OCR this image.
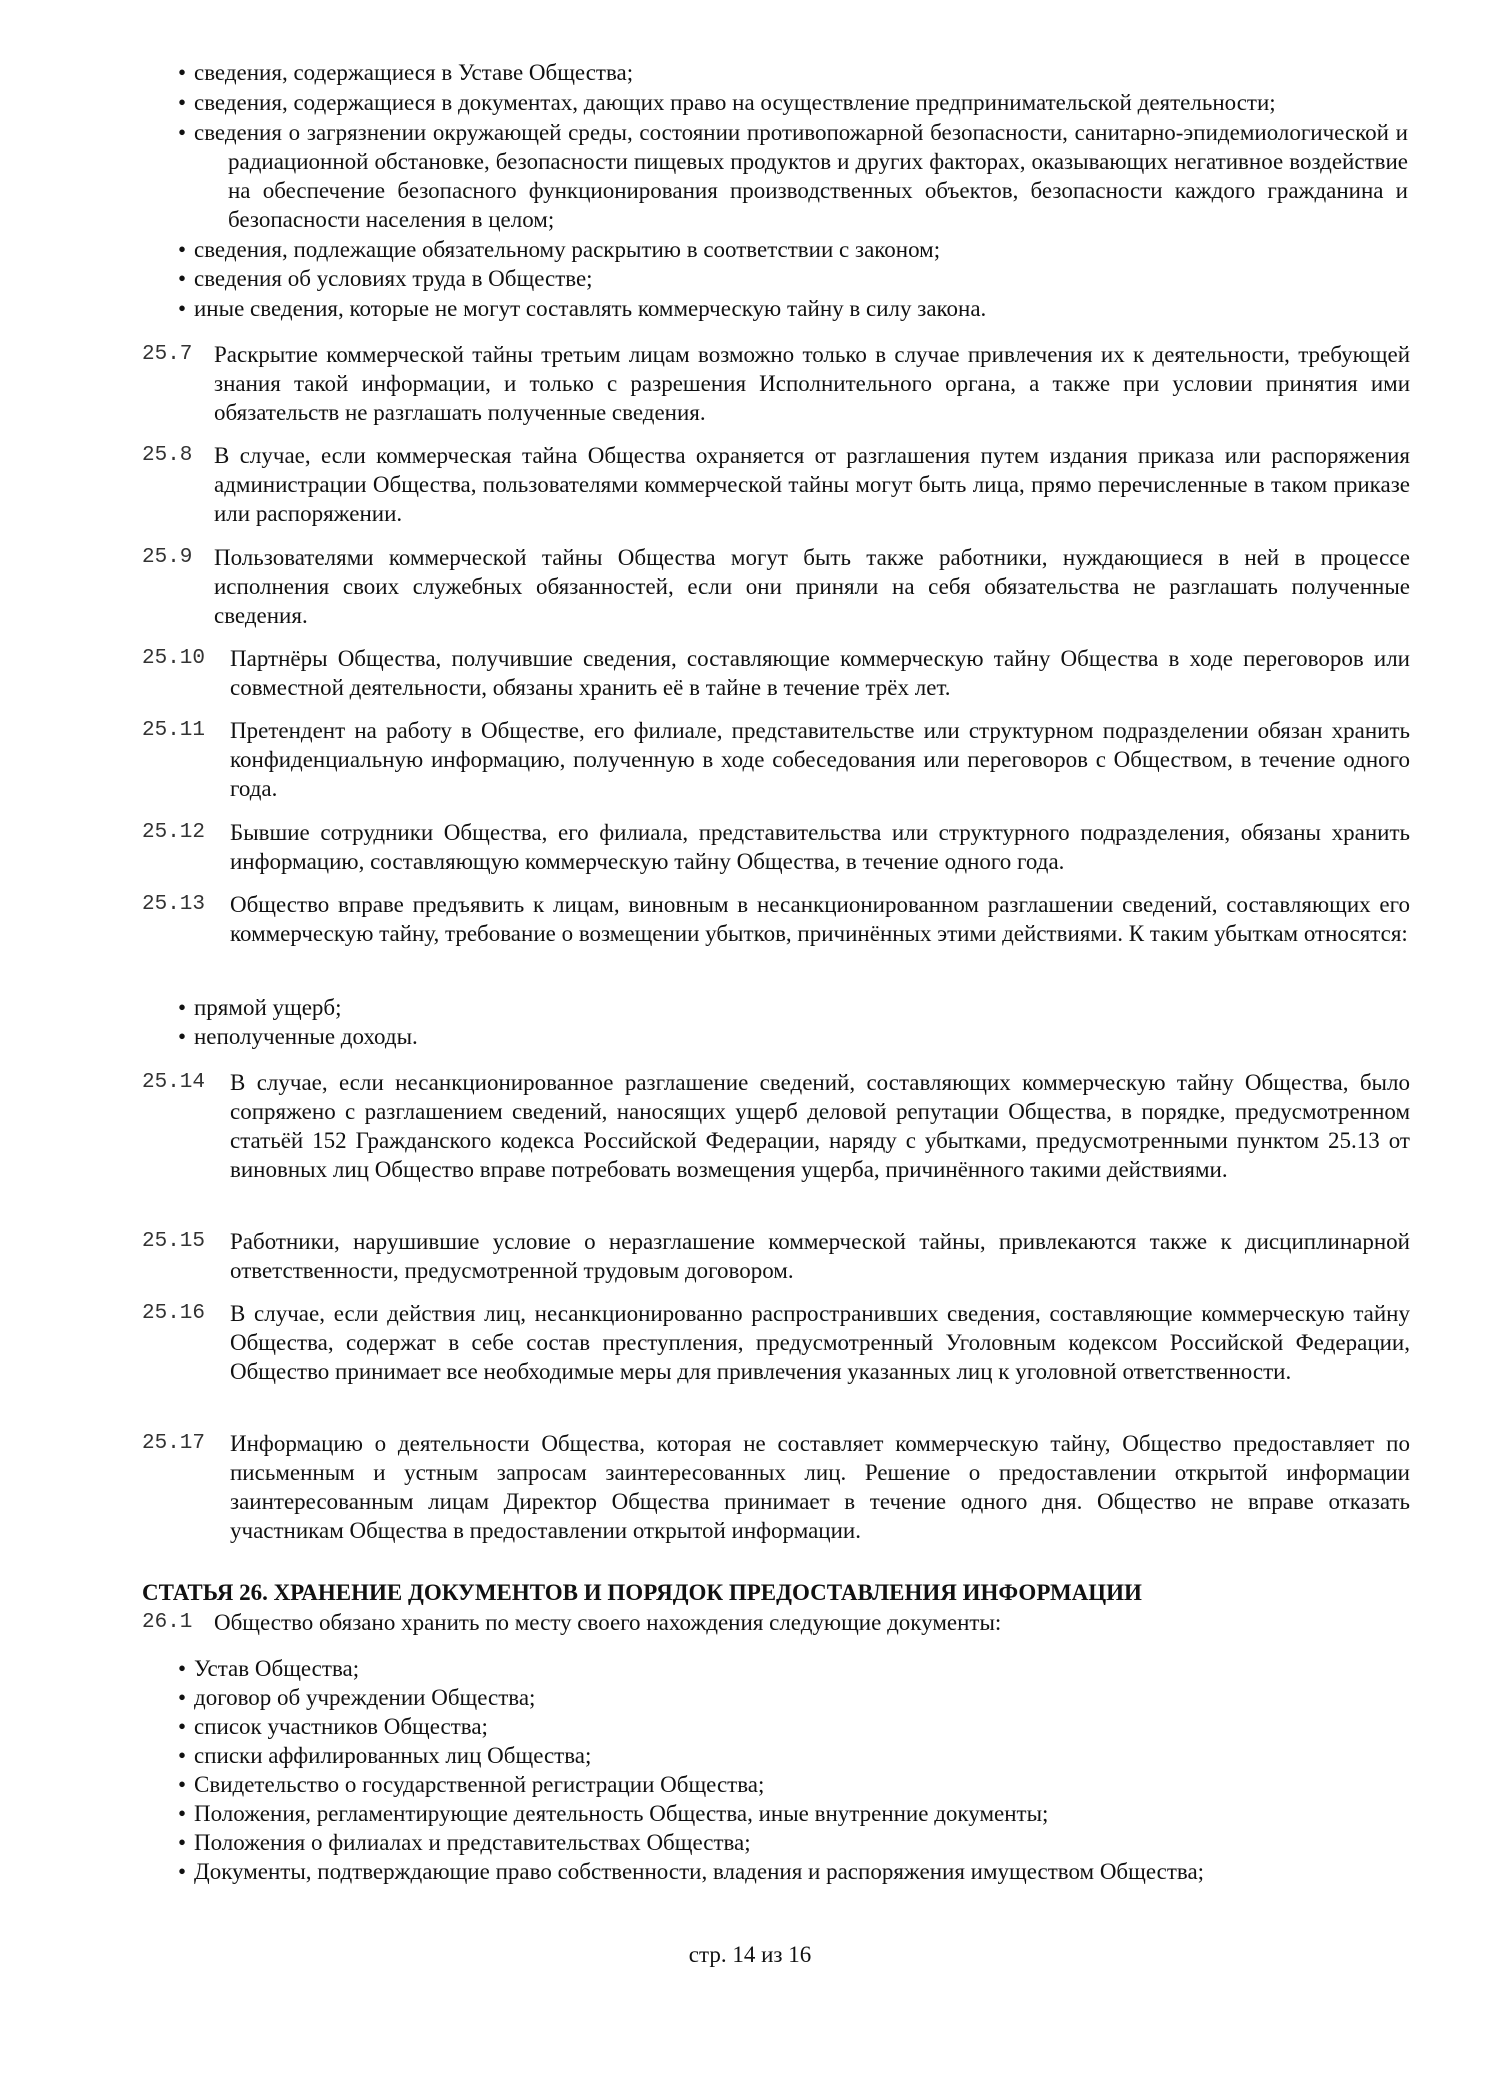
• сведения, содержащиеся в Уставе Общества;
• сведения, содержащиеся в документах, дающих право на осуществление предпринимательской деятельности;
• сведения о загрязнении окружающей среды, состоянии противопожарной безопасности, санитарно-эпидемиологической и радиационной обстановке, безопасности пищевых продуктов и других факторах, оказывающих негативное воздействие на обеспечение безопасного функционирования производственных объектов, безопасности каждого гражданина и безопасности населения в целом;
• сведения, подлежащие обязательному раскрытию в соответствии с законом;
• сведения об условиях труда в Обществе;
• иные сведения, которые не могут составлять коммерческую тайну в силу закона.
25.7 Раскрытие коммерческой тайны третьим лицам возможно только в случае привлечения их к деятельности, требующей знания такой информации, и только с разрешения Исполнительного органа, а также при условии принятия ими обязательств не разглашать полученные сведения.
25.8 В случае, если коммерческая тайна Общества охраняется от разглашения путем издания приказа или распоряжения администрации Общества, пользователями коммерческой тайны могут быть лица, прямо перечисленные в таком приказе или распоряжении.
25.9 Пользователями коммерческой тайны Общества могут быть также работники, нуждающиеся в ней в процессе исполнения своих служебных обязанностей, если они приняли на себя обязательства не разглашать полученные сведения.
25.10 Партнёры Общества, получившие сведения, составляющие коммерческую тайну Общества в ходе переговоров или совместной деятельности, обязаны хранить её в тайне в течение трёх лет.
25.11 Претендент на работу в Обществе, его филиале, представительстве или структурном подразделении обязан хранить конфиденциальную информацию, полученную в ходе собеседования или переговоров с Обществом, в течение одного года.
25.12 Бывшие сотрудники Общества, его филиала, представительства или структурного подразделения, обязаны хранить информацию, составляющую коммерческую тайну Общества, в течение одного года.
25.13 Общество вправе предъявить к лицам, виновным в несанкционированном разглашении сведений, составляющих его коммерческую тайну, требование о возмещении убытков, причинённых этими действиями. К таким убыткам относятся:
• прямой ущерб;
• неполученные доходы.
25.14 В случае, если несанкционированное разглашение сведений, составляющих коммерческую тайну Общества, было сопряжено с разглашением сведений, наносящих ущерб деловой репутации Общества, в порядке, предусмотренном статьёй 152 Гражданского кодекса Российской Федерации, наряду с убытками, предусмотренными пунктом 25.13 от виновных лиц Общество вправе потребовать возмещения ущерба, причинённого такими действиями.
25.15 Работники, нарушившие условие о неразглашение коммерческой тайны, привлекаются также к дисциплинарной ответственности, предусмотренной трудовым договором.
25.16 В случае, если действия лиц, несанкционированно распространивших сведения, составляющие коммерческую тайну Общества, содержат в себе состав преступления, предусмотренный Уголовным кодексом Российской Федерации, Общество принимает все необходимые меры для привлечения указанных лиц к уголовной ответственности.
25.17 Информацию о деятельности Общества, которая не составляет коммерческую тайну, Общество предоставляет по письменным и устным запросам заинтересованных лиц. Решение о предоставлении открытой информации заинтересованным лицам Директор Общества принимает в течение одного дня. Общество не вправе отказать участникам Общества в предоставлении открытой информации.
СТАТЬЯ 26. ХРАНЕНИЕ ДОКУМЕНТОВ И ПОРЯДОК ПРЕДОСТАВЛЕНИЯ ИНФОРМАЦИИ
26.1 Общество обязано хранить по месту своего нахождения следующие документы:
• Устав Общества;
• договор об учреждении Общества;
• список участников Общества;
• списки аффилированных лиц Общества;
• Свидетельство о государственной регистрации Общества;
• Положения, регламентирующие деятельность Общества, иные внутренние документы;
• Положения о филиалах и представительствах Общества;
• Документы, подтверждающие право собственности, владения и распоряжения имуществом Общества;
стр. 14 из 16
